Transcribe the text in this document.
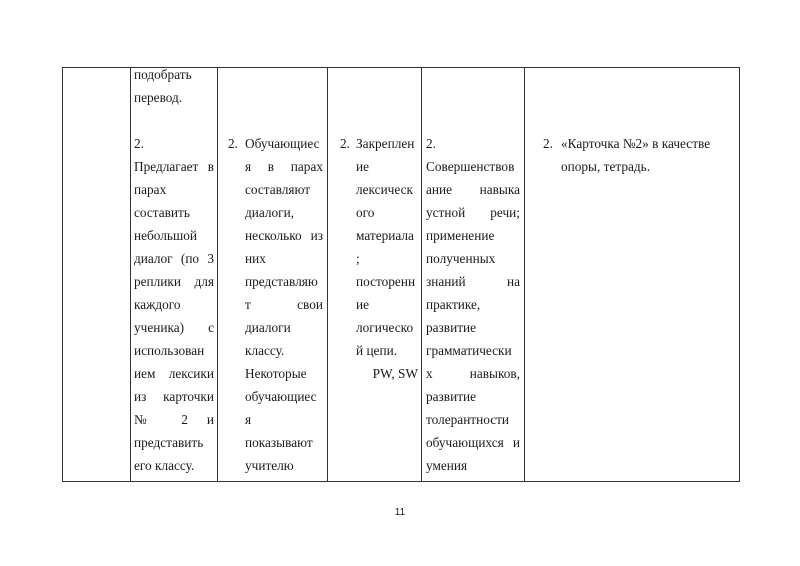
подобрать
перевод.
2.
Предлагает в
парах
составить
небольшой
диалог (по 3
реплики для
каждого
ученика) с
использован
ием лексики
из карточки
№ 2 и
представить
его классу.
2. Обучающиес
я в парах
составляют
диалоги,
несколько из
них
представляю
т свои
диалоги
классу.
Некоторые
обучающиес
я
показывают
учителю
2. Закреплен
ие
лексическ
ого
материала
;
посторенн
ие
логическо
й цепи.
PW, SW
2.
Совершенствов
ание навыка
устной речи;
применение
полученных
знаний на
практике,
развитие
грамматически
х навыков,
развитие
толерантности
обучающихся и
умения
2. «Карточка №2» в качестве
опоры, тетрадь.
11
